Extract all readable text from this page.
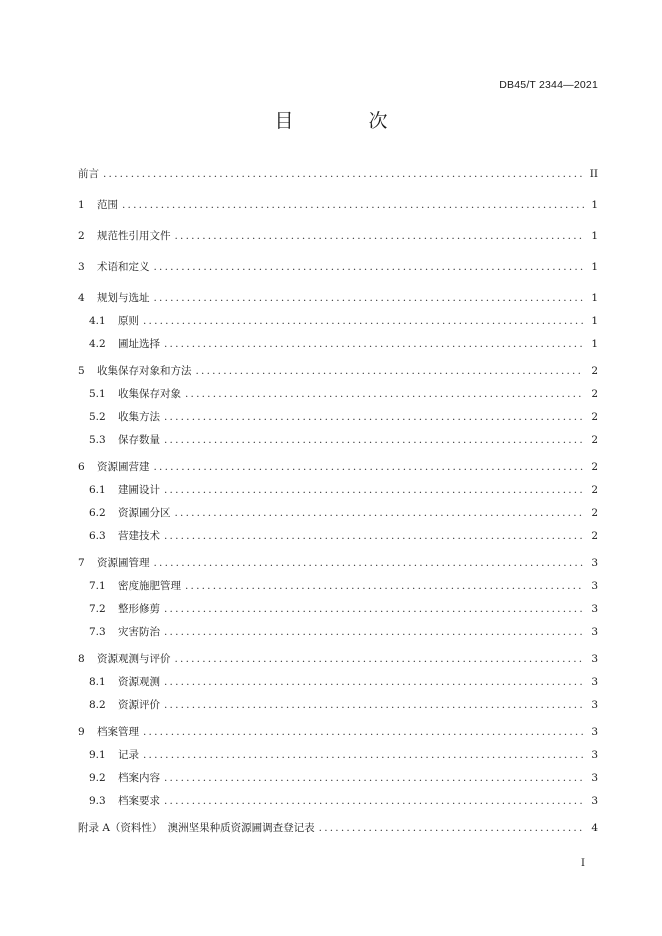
DB45/T 2344—2021
目　次
前言 .....	II
1	范围 .....	1
2	规范性引用文件 .....	1
3	术语和定义 .....	1
4	规划与选址 .....	1
4.1	原则 .....	1
4.2	圃址选择 .....	1
5	收集保存对象和方法 .....	2
5.1	收集保存对象 .....	2
5.2	收集方法 .....	2
5.3	保存数量 .....	2
6	资源圃营建 .....	2
6.1	建圃设计 .....	2
6.2	资源圃分区 .....	2
6.3	营建技术 .....	2
7	资源圃管理 .....	3
7.1	密度施肥管理 .....	3
7.2	整形修剪 .....	3
7.3	灾害防治 .....	3
8	资源观测与评价 .....	3
8.1	资源观测 .....	3
8.2	资源评价 .....	3
9	档案管理 .....	3
9.1	记录 .....	3
9.2	档案内容 .....	3
9.3	档案要求 .....	3
附录 A（资料性）　澳洲坚果种质资源圃调查登记表 .....	4
I
